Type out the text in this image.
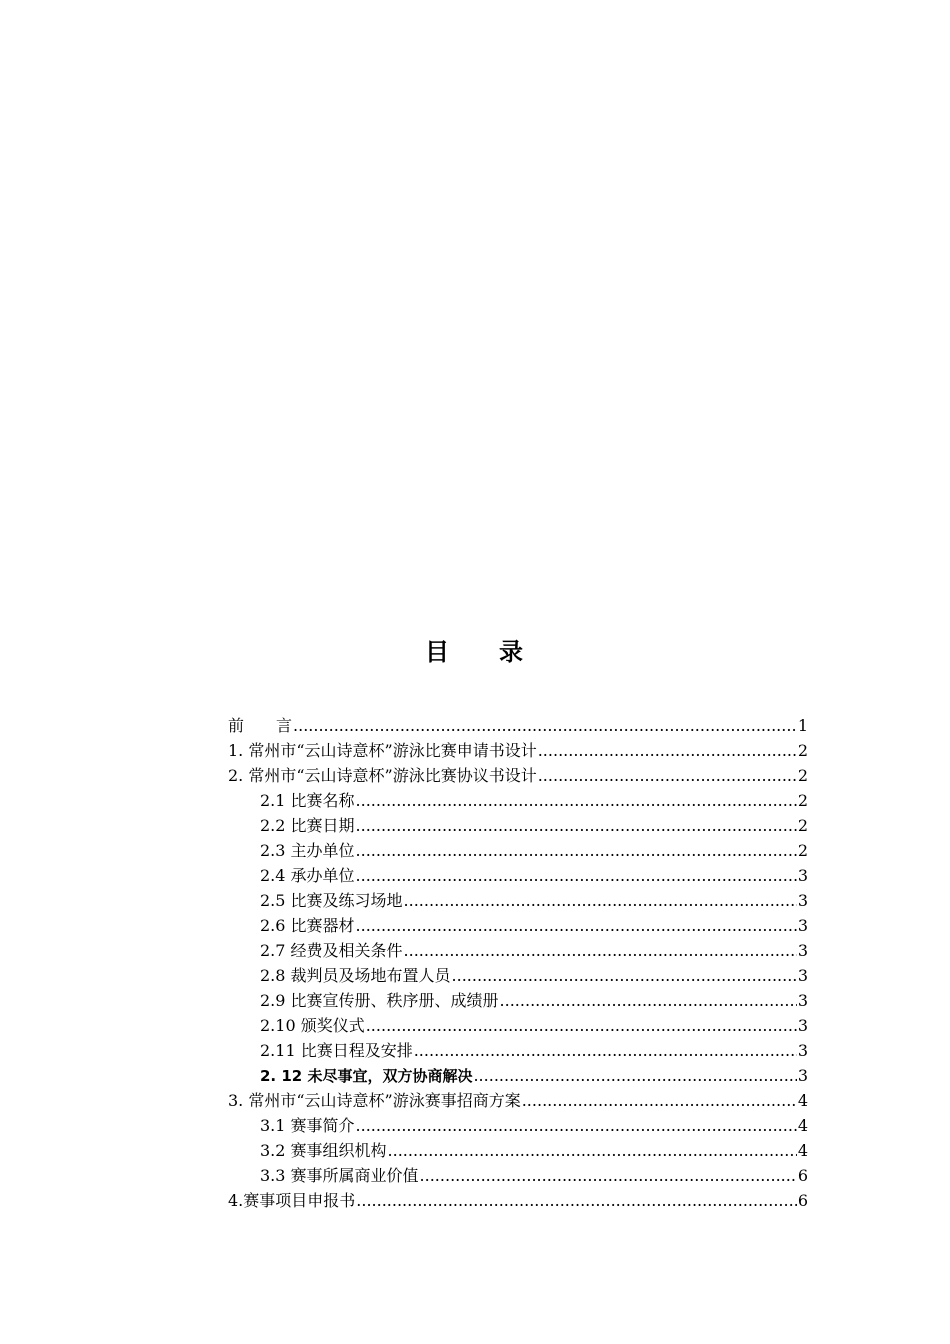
目 录
前　　言 .....	1
1. 常州市“云山诗意杯”游泳比赛申请书设计 .....	2
2. 常州市“云山诗意杯”游泳比赛协议书设计 .....	2
2.1 比赛名称 .....	2
2.2 比赛日期 .....	2
2.3 主办单位 .....	2
2.4 承办单位 .....	3
2.5 比赛及练习场地 .....	3
2.6 比赛器材 .....	3
2.7 经费及相关条件 .....	3
2.8 裁判员及场地布置人员 .....	3
2.9 比赛宣传册、秩序册、成绩册 .....	3
2.10 颁奖仪式 .....	3
2.11 比赛日程及安排 .....	3
2. 12 未尽事宜，双方协商解决 .....	3
3. 常州市“云山诗意杯”游泳赛事招商方案 .....	4
3.1 赛事简介 .....	4
3.2 赛事组织机构 .....	4
3.3 赛事所属商业价值 .....	6
4.赛事项目申报书 .....	6
